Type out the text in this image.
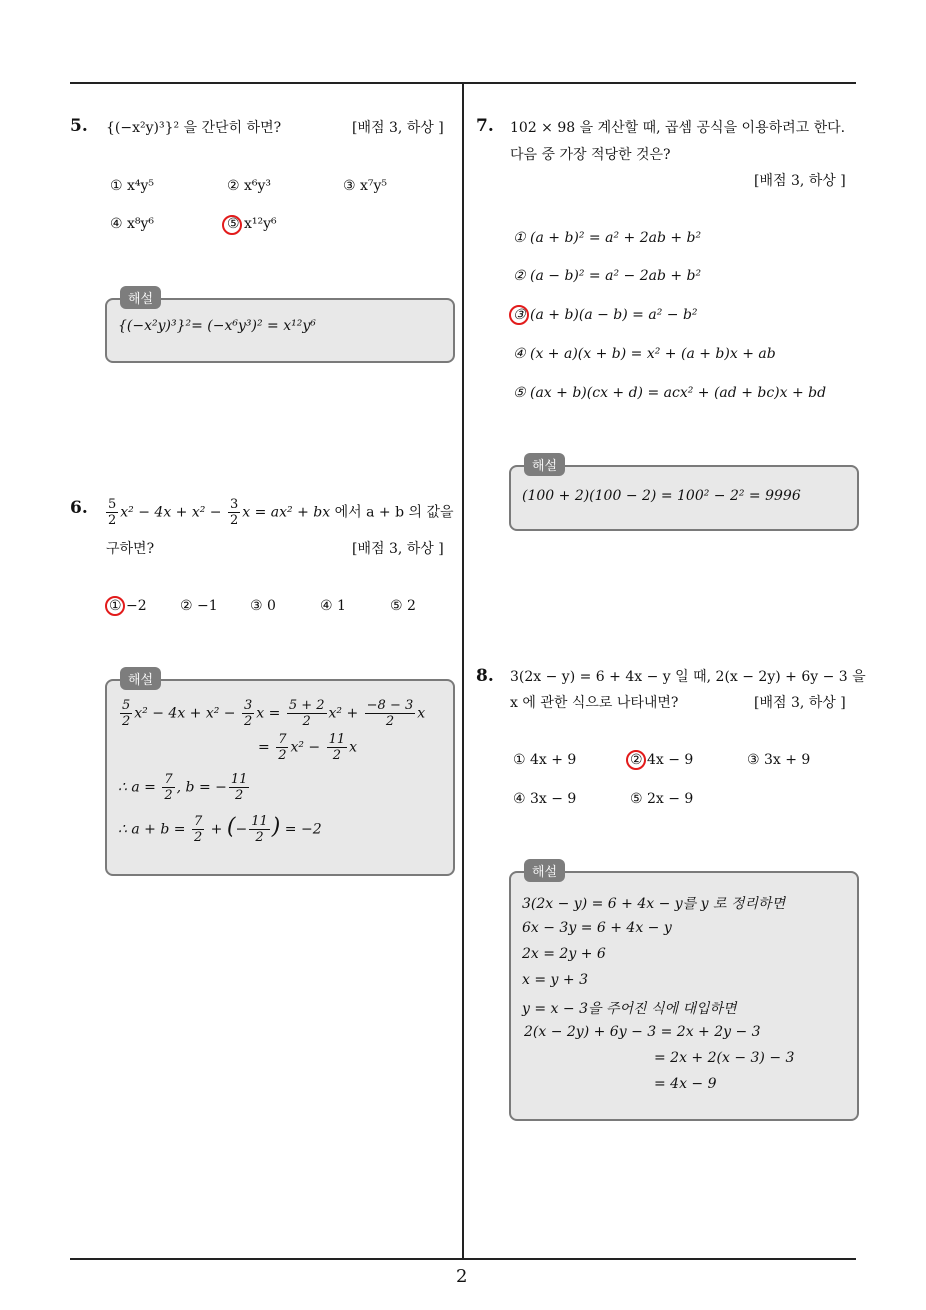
2
5. {(−x²y)³}² 을 간단히 하면?	[배점 3, 하상 ]
① x⁴y⁵	② x⁶y³	③ x⁷y⁵
④ x⁸y⁶	⑤ x¹²y⁶
해설
{(−x²y)³}²= (−x⁶y³)² = x¹²y⁶
6. $\frac{5}{2} x^2 - 4x + x^2 - \frac{3}{2}$ x = ax² + bx 에서 a + b 의 값을
구하면?	[배점 3, 하상 ]
① −2 ② −1 ③ 0	④ 1	⑤ 2
해설
$\frac{5}{2} x^2 - 4x + x^2 - \frac{3}{2}$ $x = \frac{5 + 2}{2} x^2 + \frac{-8 - 3}{2}$ x
= $\frac{7}{2} x^2 - \frac{11}{2}$ x
∴ $a = \frac{7}{2}$ , b = − $\frac{11}{2}$
∴ $a + b = \frac{7}{2}$ + (− $\frac{11}{2}$ ) = −2
7. 102 × 98 을 계산할 때, 곱셈 공식을 이용하려고 한다.
다음 중 가장 적당한 것은?
[배점 3, 하상 ]
① (a + b)² = a² + 2ab + b²
② (a − b)² = a² − 2ab + b²
③ (a + b)(a − b) = a² − b²
④ (x + a)(x + b) = x² + (a + b)x + ab
⑤ (ax + b)(cx + d) = acx² + (ad + bc)x + bd
해설
(100 + 2)(100 − 2) = 100² − 2² = 9996
8. 3(2x − y) = 6 + 4x − y 일 때, 2(x − 2y) + 6y − 3 을
x 에 관한 식으로 나타내면?	[배점 3, 하상 ]
① 4x + 9	② 4x − 9	③ 3x + 9
④ 3x − 9	⑤ 2x − 9
해설
3(2x − y) = 6 + 4x − y를 y 로 정리하면
6x − 3y = 6 + 4x − y
2x = 2y + 6
x = y + 3
y = x − 3을 주어진 식에 대입하면
2(x − 2y) + 6y − 3 = 2x + 2y − 3
= 2x + 2(x − 3) − 3
= 4x − 9
